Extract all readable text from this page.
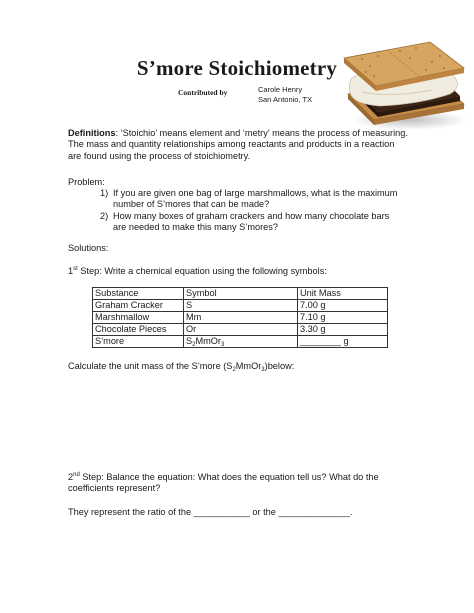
S’more Stoichiometry
Contributed by	Carole Henry
San Antonio, TX
Definitions: ‘Stoichio’ means element and ‘metry’ means the process of measuring. The mass and quantity relationships among reactants and products in a reaction are found using the process of stoichiometry.
Problem:
1) If you are given one bag of large marshmallows, what is the maximum number of S’mores that can be made?
2) How many boxes of graham crackers and how many chocolate bars are needed to make this many S’mores?
Solutions:
1st Step: Write a chemical equation using the following symbols:
Substance	Symbol	Unit Mass
Graham Cracker	S	7.00 g
Marshmallow	Mm	7.10 g
Chocolate Pieces	Or	3.30 g
S’more	$S_2MmOr_3$	________ g
Calculate the unit mass of the S’more $(S_2MmOr_3)below$:
2nd Step: Balance the equation: What does the equation tell us? What do the coefficients represent?
They represent the ratio of the ___________ or the ______________.
